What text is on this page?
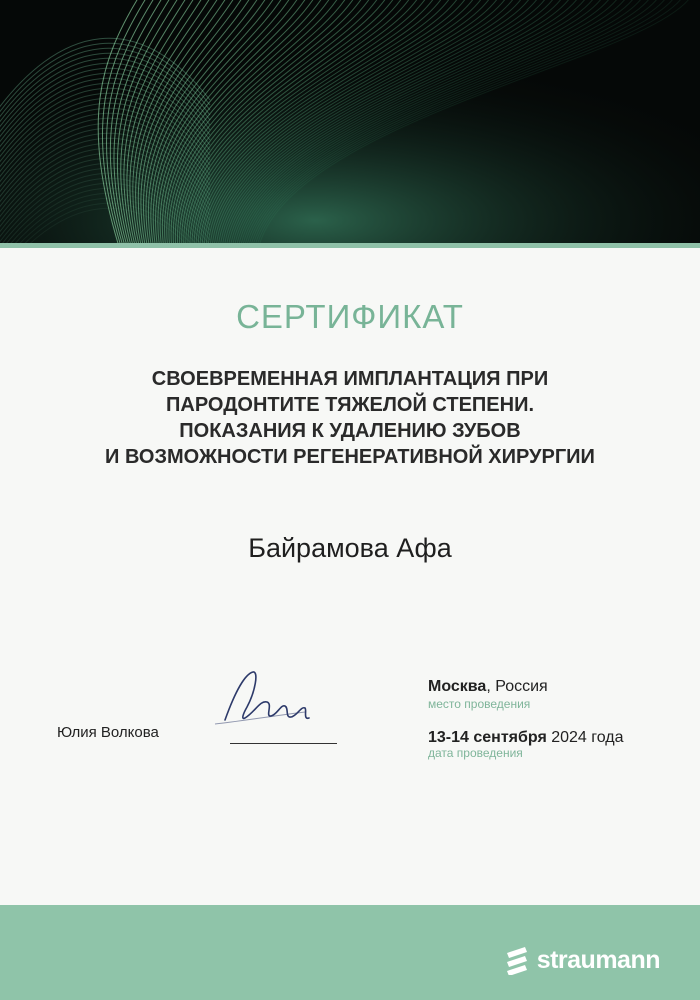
СЕРТИФИКАТ
СВОЕВРЕМЕННАЯ ИМПЛАНТАЦИЯ ПРИ
ПАРОДОНТИТЕ ТЯЖЕЛОЙ СТЕПЕНИ.
ПОКАЗАНИЯ К УДАЛЕНИЮ ЗУБОВ
И ВОЗМОЖНОСТИ РЕГЕНЕРАТИВНОЙ ХИРУРГИИ
Байрамова Афа
Юлия Волкова
Москва, Россия
место проведения
13-14 сентября 2024 года
дата проведения
straumann
